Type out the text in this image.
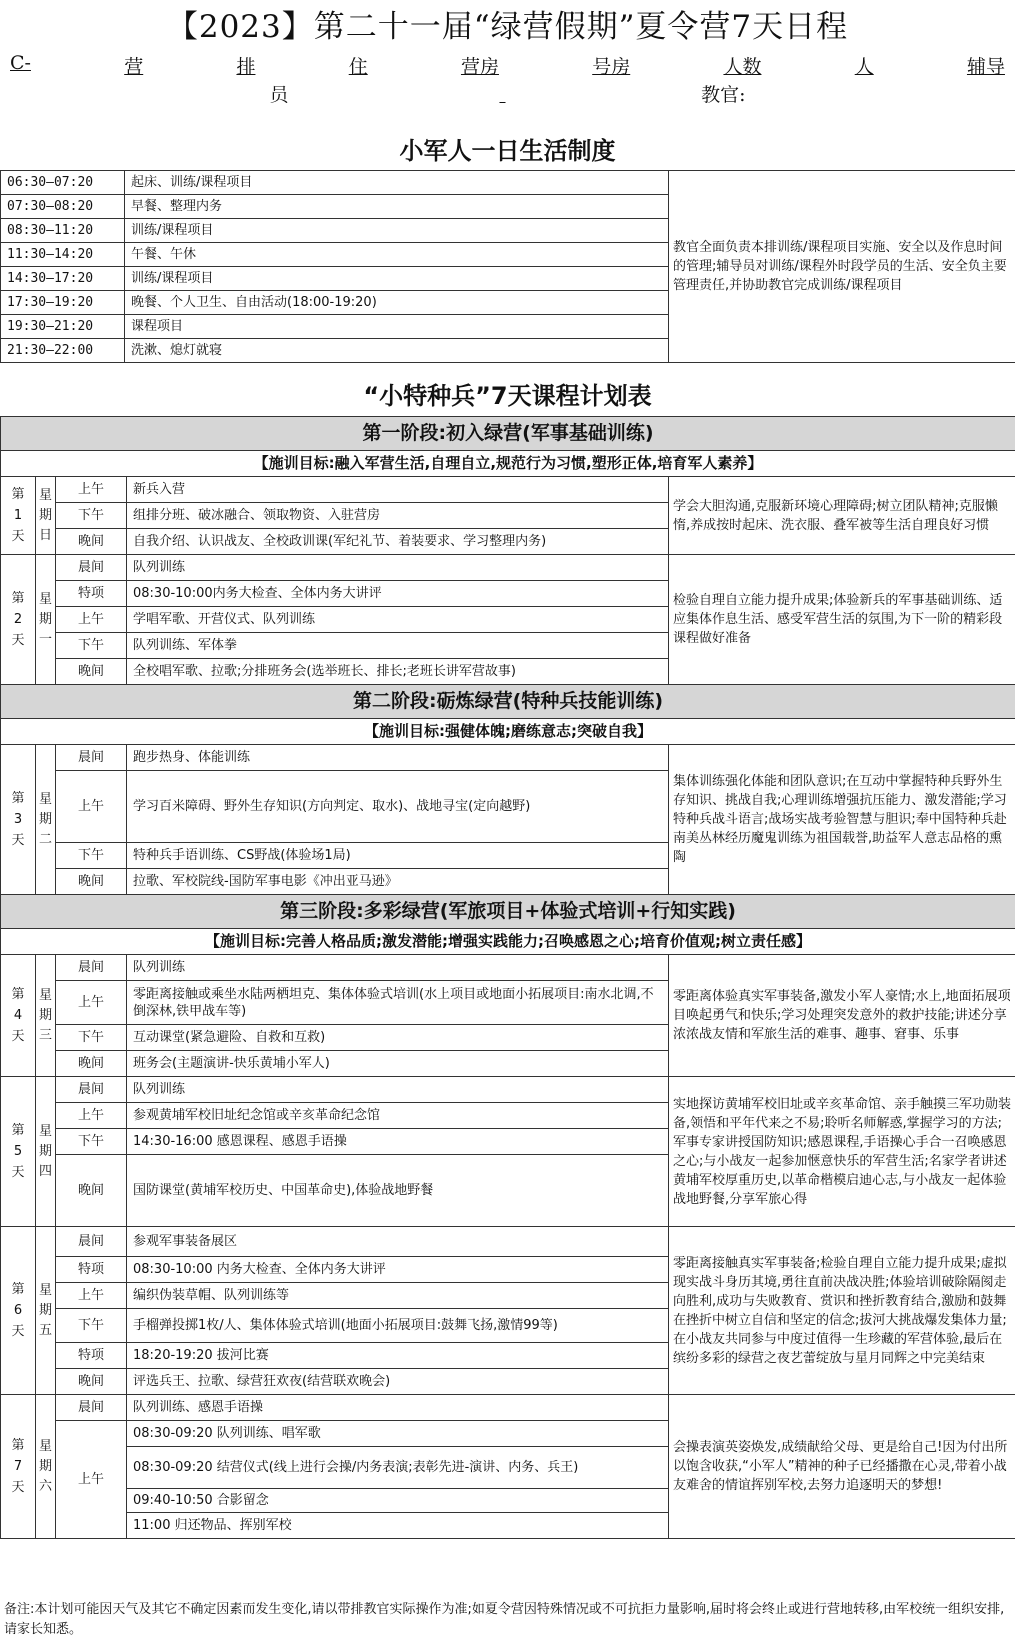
【2023】第二十一届“绿营假期”夏令营7天日程
C-	营	排	住	营房	号房	人数	人	辅导
员	教官:
小军人一日生活制度
06:30—07:20	起床、训练/课程项目	教官全面负责本排训练/课程项目实施、安全以及作息时间的管理;辅导员对训练/课程外时段学员的生活、安全负主要管理责任,并协助教官完成训练/课程项目
07:30—08:20	早餐、整理内务	
08:30—11:20	训练/课程项目	
11:30—14:20	午餐、午休	
14:30—17:20	训练/课程项目	
17:30—19:20	晚餐、个人卫生、自由活动(18:00-19:20)	
19:30—21:20	课程项目	
21:30—22:00	洗漱、熄灯就寝	
“小特种兵”7天课程计划表
第一阶段:初入绿营(军事基础训练)				
【施训目标:融入军营生活,自理自立,规范行为习惯,塑形正体,培育军人素养】				
第1天	星期日	上午	新兵入营	学会大胆沟通,克服新环境心理障碍;树立团队精神;克服懒惰,养成按时起床、洗衣服、叠军被等生活自理良好习惯
		下午	组排分班、破冰融合、领取物资、入驻营房	
		晚间	自我介绍、认识战友、全校政训课(军纪礼节、着装要求、学习整理内务)	
第2天	星期一	晨间	队列训练	检验自理自立能力提升成果;体验新兵的军事基础训练、适应集体作息生活、感受军营生活的氛围,为下一阶的精彩段课程做好准备
		特项	08:30-10:00内务大检查、全体内务大讲评	
		上午	学唱军歌、开营仪式、队列训练	
		下午	队列训练、军体拳	
		晚间	全校唱军歌、拉歌;分排班务会(选举班长、排长;老班长讲军营故事)	
第二阶段:砺炼绿营(特种兵技能训练)				
【施训目标:强健体魄;磨练意志;突破自我】				
第3天	星期二	晨间	跑步热身、体能训练	集体训练强化体能和团队意识;在互动中掌握特种兵野外生存知识、挑战自我;心理训练增强抗压能力、激发潜能;学习特种兵战斗语言;战场实战考验智慧与胆识;奉中国特种兵赴南美丛林经历魔鬼训练为祖国载誉,助益军人意志品格的熏陶
		上午	学习百米障碍、野外生存知识(方向判定、取水)、战地寻宝(定向越野)	
		下午	特种兵手语训练、CS野战(体验场1局)	
		晚间	拉歌、军校院线-国防军事电影《冲出亚马逊》	
第三阶段:多彩绿营(军旅项目+体验式培训+行知实践)				
【施训目标:完善人格品质;激发潜能;增强实践能力;召唤感恩之心;培育价值观;树立责任感】				
第4天	星期三	晨间	队列训练	零距离体验真实军事装备,激发小军人豪情;水上,地面拓展项目唤起勇气和快乐;学习处理突发意外的救护技能;讲述分享浓浓战友情和军旅生活的难事、趣事、窘事、乐事
		上午	零距离接触或乘坐水陆两栖坦克、集体体验式培训(水上项目或地面小拓展项目:南水北调,不倒深林,铁甲战车等)	
		下午	互动课堂(紧急避险、自救和互救)	
		晚间	班务会(主题演讲-快乐黄埔小军人)	
第5天	星期四	晨间	队列训练	实地探访黄埔军校旧址或辛亥革命馆、亲手触摸三军功勋装备,领悟和平年代来之不易;聆听名师解惑,掌握学习的方法;军事专家讲授国防知识;感恩课程,手语操心手合一召唤感恩之心;与小战友一起参加惬意快乐的军营生活;名家学者讲述黄埔军校厚重历史,以革命楷模启迪心志,与小战友一起体验战地野餐,分享军旅心得
		上午	参观黄埔军校旧址纪念馆或辛亥革命纪念馆	
		下午	14:30-16:00 感恩课程、感恩手语操	
		晚间	国防课堂(黄埔军校历史、中国革命史),体验战地野餐	
第6天	星期五	晨间	参观军事装备展区	零距离接触真实军事装备;检验自理自立能力提升成果;虚拟现实战斗身历其境,勇往直前决战决胜;体验培训破除隔阂走向胜利,成功与失败教育、赏识和挫折教育结合,激励和鼓舞在挫折中树立自信和坚定的信念;拔河大挑战爆发集体力量;在小战友共同参与中度过值得一生珍藏的军营体验,最后在缤纷多彩的绿营之夜艺蕾绽放与星月同辉之中完美结束
		特项	08:30-10:00 内务大检查、全体内务大讲评	
		上午	编织伪装草帽、队列训练等	
		下午	手榴弹投掷1枚/人、集体体验式培训(地面小拓展项目:鼓舞飞扬,激情99等)	
		特项	18:20-19:20 拔河比赛	
		晚间	评选兵王、拉歌、绿营狂欢夜(结营联欢晚会)	
第7天	星期六	晨间	队列训练、感恩手语操	会操表演英姿焕发,成绩献给父母、更是给自己!因为付出所以饱含收获,“小军人”精神的种子已经播撒在心灵,带着小战友难舍的情谊挥别军校,去努力追逐明天的梦想!
		上午	08:30-09:20 队列训练、唱军歌	
			08:30-09:20 结营仪式(线上进行会操/内务表演;表彰先进-演讲、内务、兵王)	
			09:40-10:50 合影留念	
			11:00 归还物品、挥别军校	
备注:本计划可能因天气及其它不确定因素而发生变化,请以带排教官实际操作为准;如夏令营因特殊情况或不可抗拒力量影响,届时将会终止或进行营地转移,由军校统一组织安排,请家长知悉。
